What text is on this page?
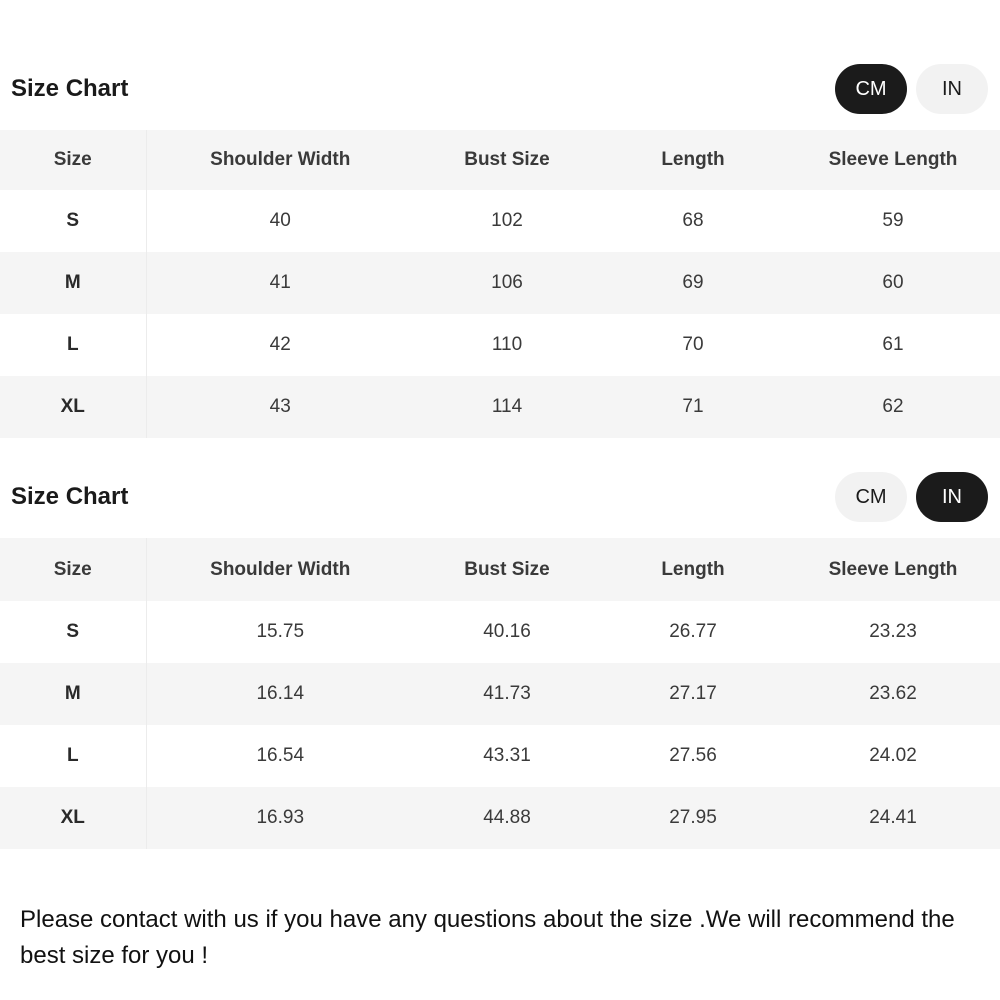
Size Chart	CM	IN
Size	Shoulder Width	Bust Size	Length	Sleeve Length
S	40	102	68	59
M	41	106	69	60
L	42	110	70	61
XL	43	114	71	62
Size Chart	CM	IN
Size	Shoulder Width	Bust Size	Length	Sleeve Length
S	15.75	40.16	26.77	23.23
M	16.14	41.73	27.17	23.62
L	16.54	43.31	27.56	24.02
XL	16.93	44.88	27.95	24.41

Please contact with us if you have any questions about the size .We will recommend the best size for you !
